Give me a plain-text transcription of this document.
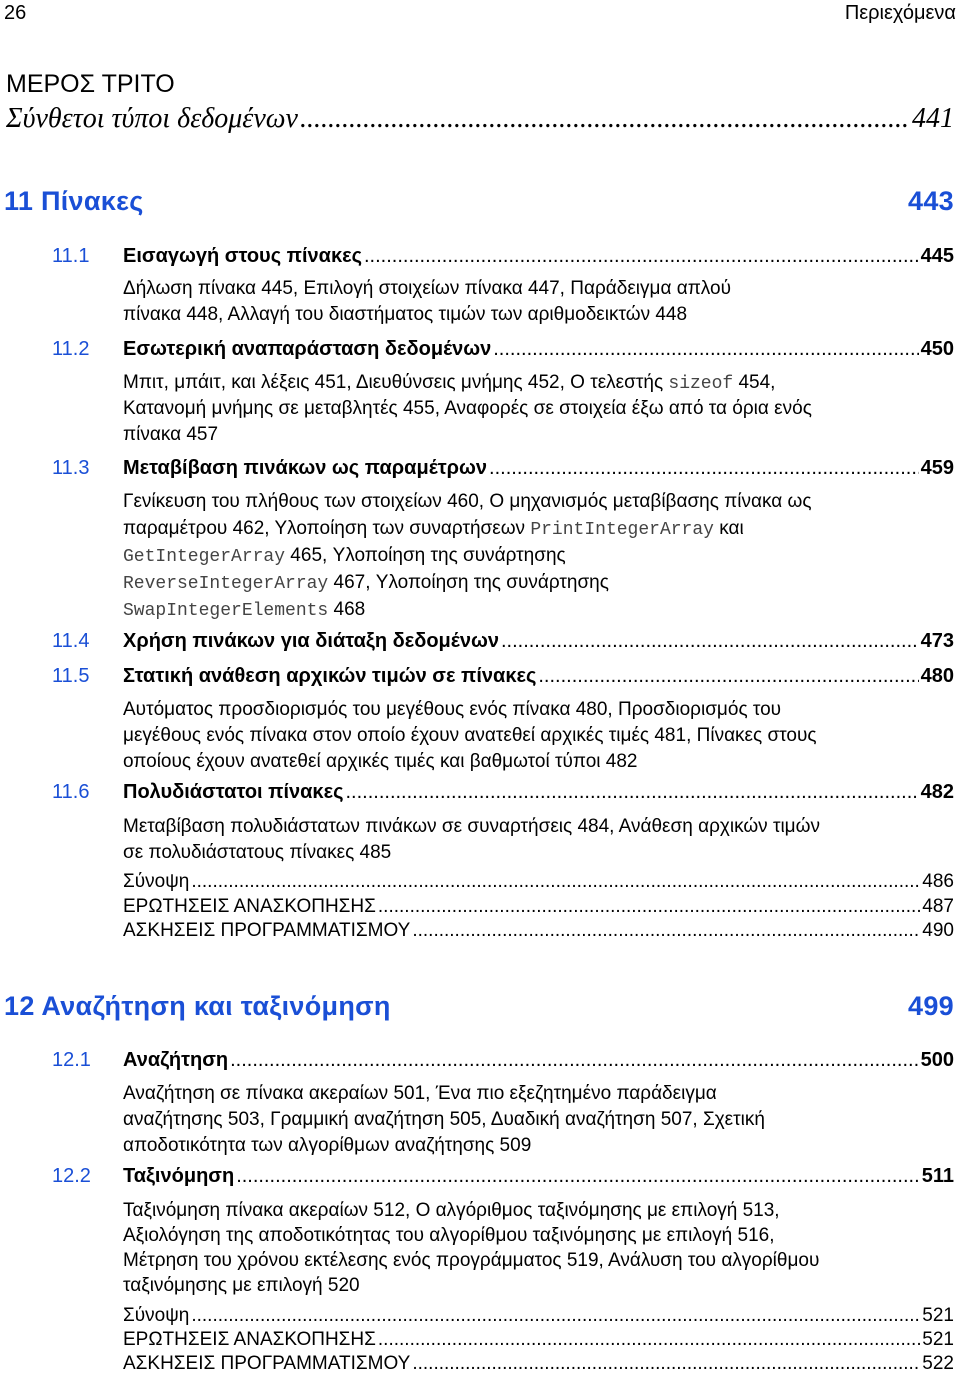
26	Περιεχόμενα
ΜΕΡΟΣ ΤΡΙΤΟ
Σύνθετοι τύποι δεδομένων .....	441
11 Πίνακες	443
11.1 Εισαγωγή στους πίνακες .....	445
Δήλωση πίνακα 445, Επιλογή στοιχείων πίνακα 447, Παράδειγμα απλού
πίνακα 448, Αλλαγή του διαστήματος τιμών των αριθμοδεικτών 448
11.2 Εσωτερική αναπαράσταση δεδομένων .....	450
Μπιτ, μπάιτ, και λέξεις 451, Διευθύνσεις μνήμης 452, Ο τελεστής sizeof 454,
Κατανομή μνήμης σε μεταβλητές 455, Αναφορές σε στοιχεία έξω από τα όρια ενός
πίνακα 457
11.3 Μεταβίβαση πινάκων ως παραμέτρων .....	459
Γενίκευση του πλήθους των στοιχείων 460, Ο μηχανισμός μεταβίβασης πίνακα ως
παραμέτρου 462, Υλοποίηση των συναρτήσεων PrintIntegerArray και
GetIntegerArray 465, Υλοποίηση της συνάρτησης
ReverseIntegerArray 467, Υλοποίηση της συνάρτησης
SwapIntegerElements 468
11.4 Χρήση πινάκων για διάταξη δεδομένων .....	473
11.5 Στατική ανάθεση αρχικών τιμών σε πίνακες .....	480
Αυτόματος προσδιορισμός του μεγέθους ενός πίνακα 480, Προσδιορισμός του
μεγέθους ενός πίνακα στον οποίο έχουν ανατεθεί αρχικές τιμές 481, Πίνακες στους
οποίους έχουν ανατεθεί αρχικές τιμές και βαθμωτοί τύποι 482
11.6 Πολυδιάστατοι πίνακες .....	482
Μεταβίβαση πολυδιάστατων πινάκων σε συναρτήσεις 484, Ανάθεση αρχικών τιμών
σε πολυδιάστατους πίνακες 485
Σύνοψη .....	486
ΕΡΩΤΗΣΕΙΣ ΑΝΑΣΚΟΠΗΣΗΣ .....	487
ΑΣΚΗΣΕΙΣ ΠΡΟΓΡΑΜΜΑΤΙΣΜΟΥ .....	490
12 Αναζήτηση και ταξινόμηση	499
12.1 Αναζήτηση .....	500
Αναζήτηση σε πίνακα ακεραίων 501, Ένα πιο εξεζητημένο παράδειγμα
αναζήτησης 503, Γραμμική αναζήτηση 505, Δυαδική αναζήτηση 507, Σχετική
αποδοτικότητα των αλγορίθμων αναζήτησης 509
12.2 Ταξινόμηση .....	511
Ταξινόμηση πίνακα ακεραίων 512, Ο αλγόριθμος ταξινόμησης με επιλογή 513,
Αξιολόγηση της αποδοτικότητας του αλγορίθμου ταξινόμησης με επιλογή 516,
Μέτρηση του χρόνου εκτέλεσης ενός προγράμματος 519, Ανάλυση του αλγορίθμου
ταξινόμησης με επιλογή 520
Σύνοψη .....	521
ΕΡΩΤΗΣΕΙΣ ΑΝΑΣΚΟΠΗΣΗΣ .....	521
ΑΣΚΗΣΕΙΣ ΠΡΟΓΡΑΜΜΑΤΙΣΜΟΥ .....	522
